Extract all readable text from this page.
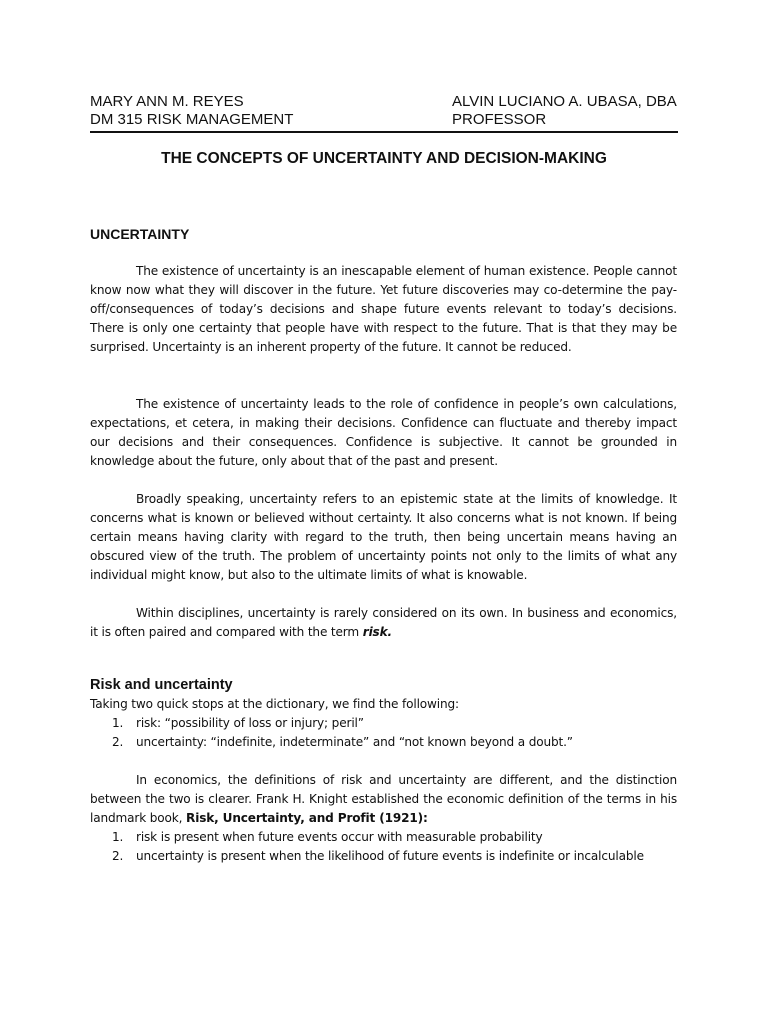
MARY ANN M. REYES
DM 315 RISK MANAGEMENT
ALVIN LUCIANO A. UBASA, DBA
PROFESSOR
THE CONCEPTS OF UNCERTAINTY AND DECISION-MAKING
UNCERTAINTY
The existence of uncertainty is an inescapable element of human existence. People cannot know now what they will discover in the future. Yet future discoveries may co-determine the pay-off/consequences of today’s decisions and shape future events relevant to today’s decisions. There is only one certainty that people have with respect to the future. That is that they may be surprised. Uncertainty is an inherent property of the future. It cannot be reduced.
The existence of uncertainty leads to the role of confidence in people’s own calculations, expectations, et cetera, in making their decisions. Confidence can fluctuate and thereby impact our decisions and their consequences. Confidence is subjective. It cannot be grounded in knowledge about the future, only about that of the past and present.
Broadly speaking, uncertainty refers to an epistemic state at the limits of knowledge. It concerns what is known or believed without certainty. It also concerns what is not known. If being certain means having clarity with regard to the truth, then being uncertain means having an obscured view of the truth. The problem of uncertainty points not only to the limits of what any individual might know, but also to the ultimate limits of what is knowable.
Within disciplines, uncertainty is rarely considered on its own. In business and economics, it is often paired and compared with the term risk.
Risk and uncertainty
Taking two quick stops at the dictionary, we find the following:
1. risk: “possibility of loss or injury; peril”
2. uncertainty: “indefinite, indeterminate” and “not known beyond a doubt.”
In economics, the definitions of risk and uncertainty are different, and the distinction between the two is clearer. Frank H. Knight established the economic definition of the terms in his landmark book, Risk, Uncertainty, and Profit (1921):
1. risk is present when future events occur with measurable probability
2. uncertainty is present when the likelihood of future events is indefinite or incalculable
